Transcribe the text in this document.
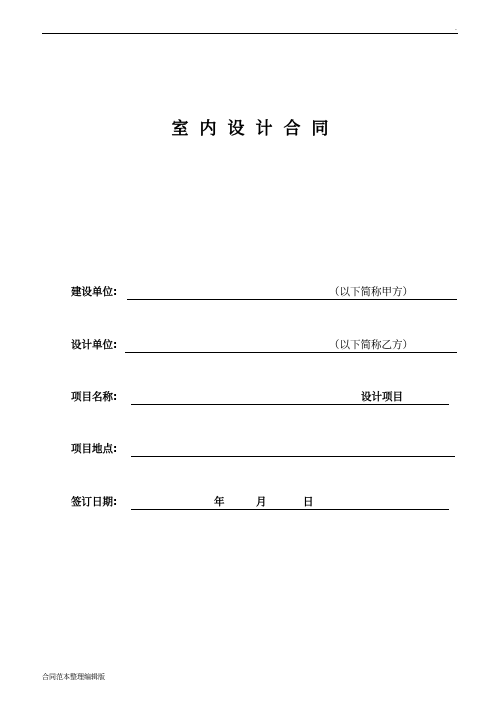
·
室内设计合同
建设单位:	（以下简称甲方）
设计单位:	（以下简称乙方）
项目名称:	设计项目
项目地点:
签订日期:	年	月	日
合同范本整理编辑版
